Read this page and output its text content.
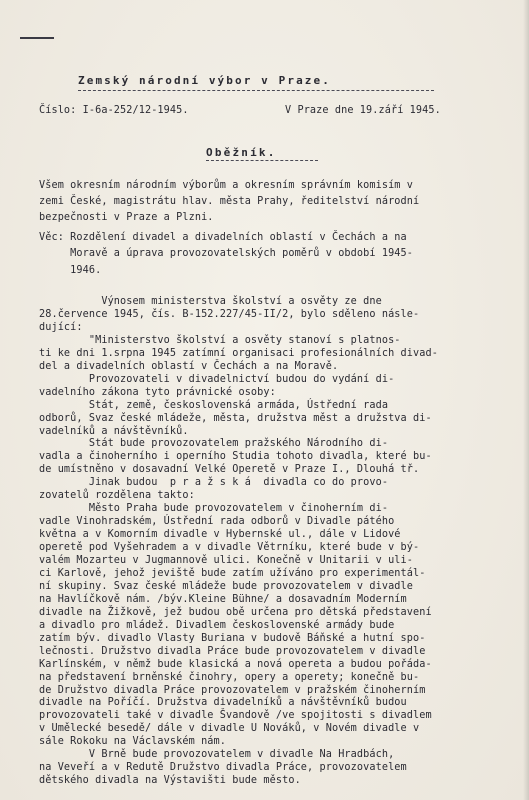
Zemský národní výbor v Praze.
Číslo: I-6a-252/12-1945.	V Praze dne 19.září 1945.
Oběžník.
Všem okresním národním výborům a okresním správním komisím v
zemi České, magistrátu hlav. města Prahy, ředitelství národní
bezpečnosti v Praze a Plzni.
Věc: Rozdělení divadel a divadelních oblastí v Čechách a na
Moravě a úprava provozovatelských poměrů v období 1945-
1946.
Výnosem ministerstva školství a osvěty ze dne
28.července 1945, čís. B-152.227/45-II/2, bylo sděleno násle-
dující:
"Ministerstvo školství a osvěty stanoví s platnos-
ti ke dni 1.srpna 1945 zatímní organisaci profesionálních divad-
del a divadelních oblastí v Čechách a na Moravě.
Provozovateli v divadelnictví budou do vydání di-
vadelního zákona tyto právnické osoby:
Stát, země, československá armáda, Ústřední rada
odborů, Svaz české mládeže, města, družstva měst a družstva di-
vadelníků a návštěvníků.
Stát bude provozovatelem pražského Národního di-
vadla a činoherního i operního Studia tohoto divadla, které bu-
de umístněno v dosavadní Velké Operetě v Praze I., Dlouhá tř.
Jinak budou  p r a ž s k á  divadla co do provo-
zovatelů rozdělena takto:
Město Praha bude provozovatelem v činoherním di-
vadle Vinohradském, Ústřední rada odborů v Divadle pátého
května a v Komorním divadle v Hybernské ul., dále v Lidové
operetě pod Vyšehradem a v divadle Větrníku, které bude v bý-
valém Mozarteu v Jugmannově ulici. Konečně v Unitarii v uli-
ci Karlově, jehož jeviště bude zatím užíváno pro experimentál-
ní skupiny. Svaz české mládeže bude provozovatelem v divadle
na Havlíčkově nám. /býv.Kleine Bühne/ a dosavadním Moderním
divadle na Žižkově, jež budou obě určena pro dětská představení
a divadlo pro mládež. Divadlem československé armády bude
zatím býv. divadlo Vlasty Buriana v budově Báňské a hutní spo-
lečnosti. Družstvo divadla Práce bude provozovatelem v divadle
Karlínském, v němž bude klasická a nová opereta a budou pořáda-
na představení brněnské činohry, opery a operety; konečně bu-
de Družstvo divadla Práce provozovatelem v pražském činoherním
divadle na Poříčí. Družstva divadelníků a návštěvníků budou
provozovateli také v divadle Švandově /ve spojitosti s divadlem
v Umělecké besedě/ dále v divadle U Nováků, v Novém divadle v
sále Rokoku na Václavském nám.
V Brně bude provozovatelem v divadle Na Hradbách,
na Veveří a v Redutě Družstvo divadla Práce, provozovatelem
dětského divadla na Výstavišti bude město.
